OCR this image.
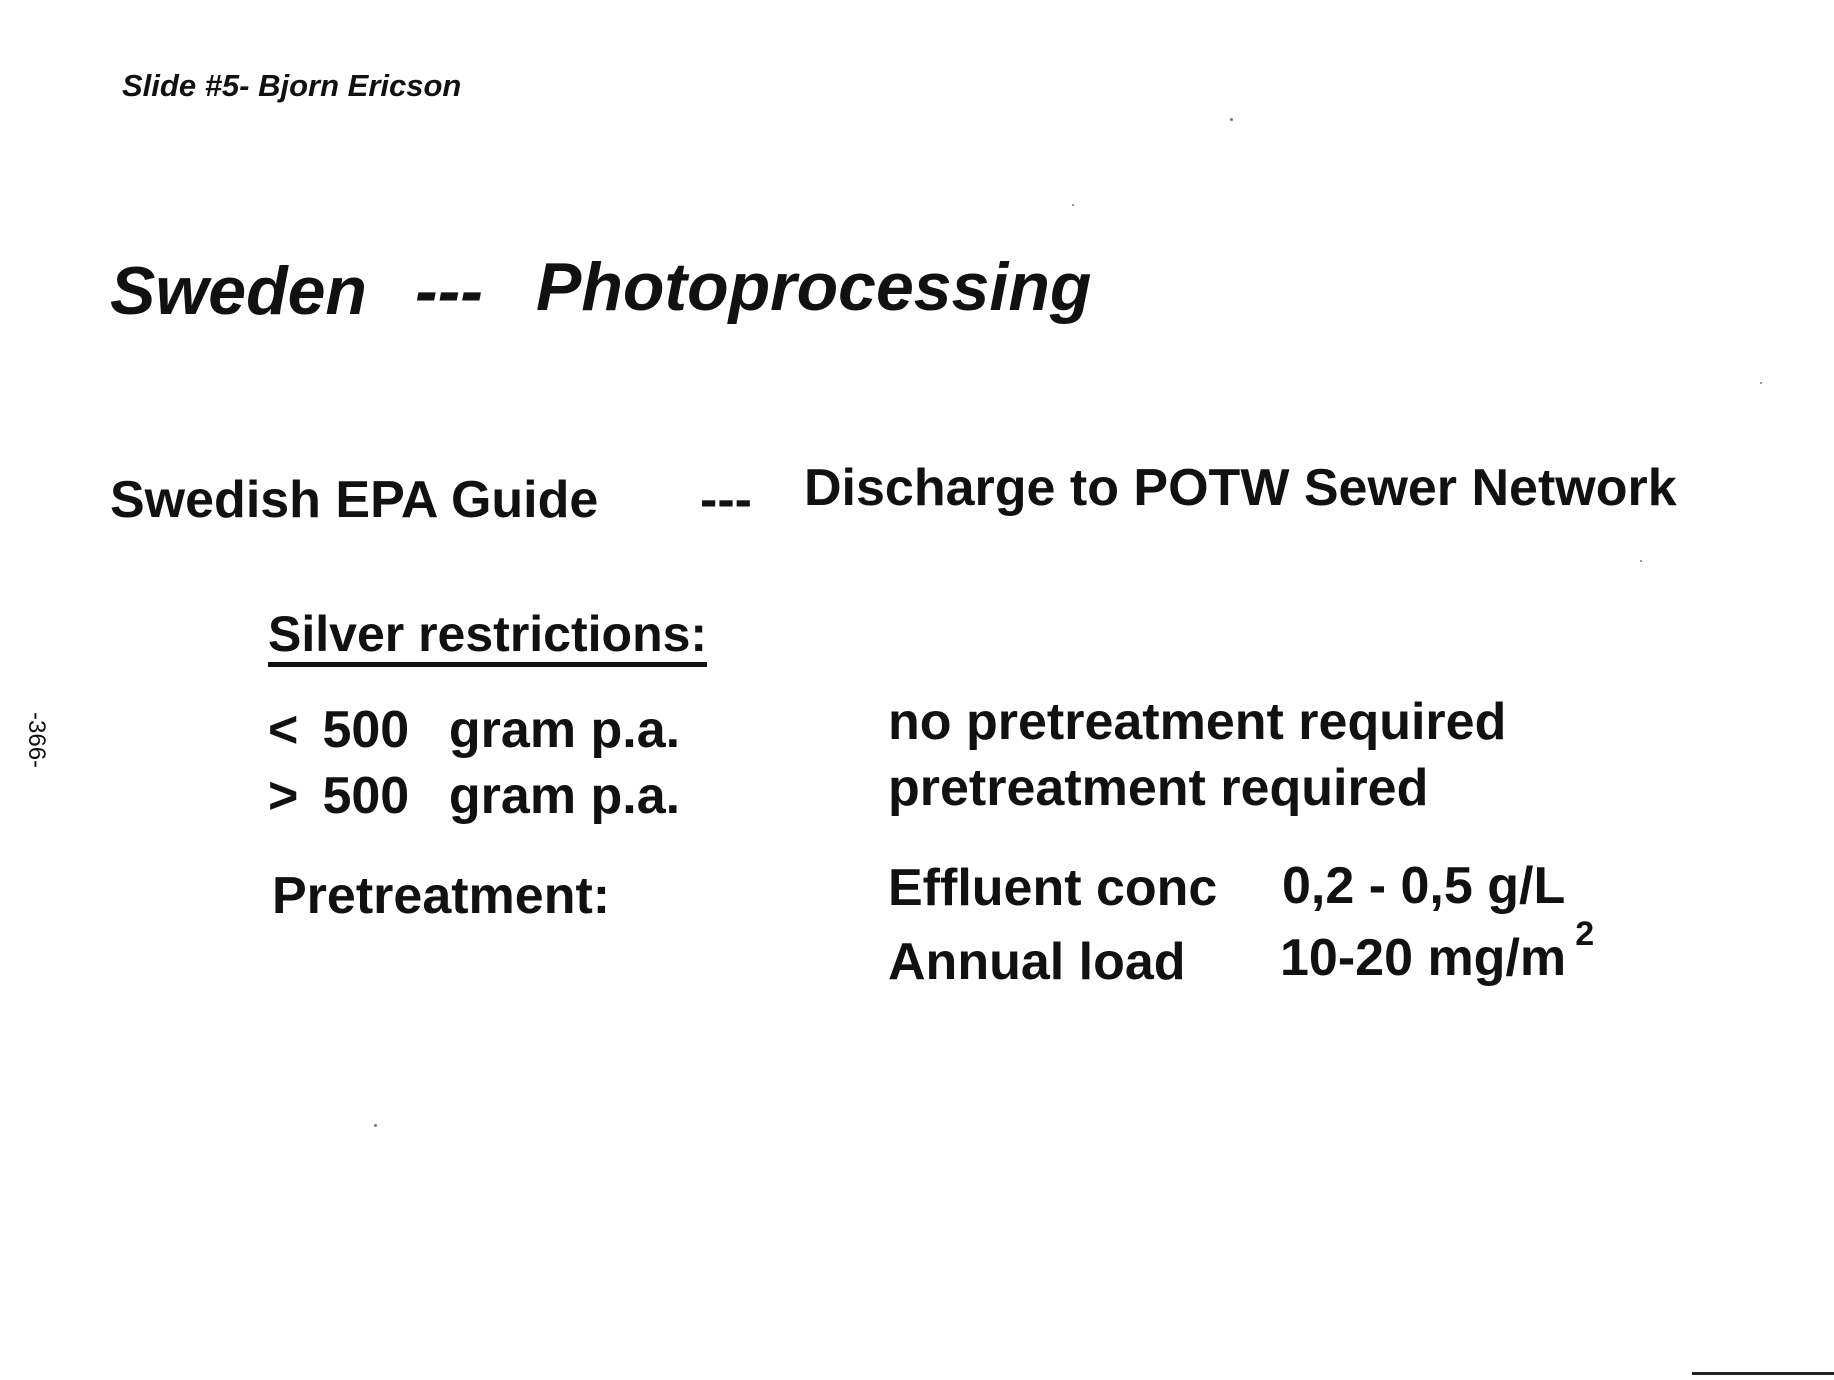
Slide #5- Bjorn Ericson
Sweden --- Photoprocessing
Swedish EPA Guide --- Discharge to POTW Sewer Network
Silver restrictions:
< 500 gram p.a.	no pretreatment required
> 500 gram p.a.	pretreatment required
Pretreatment:	Effluent conc 0,2 - 0,5 g/L
Annual load 10-20 mg/m 2
-366-
